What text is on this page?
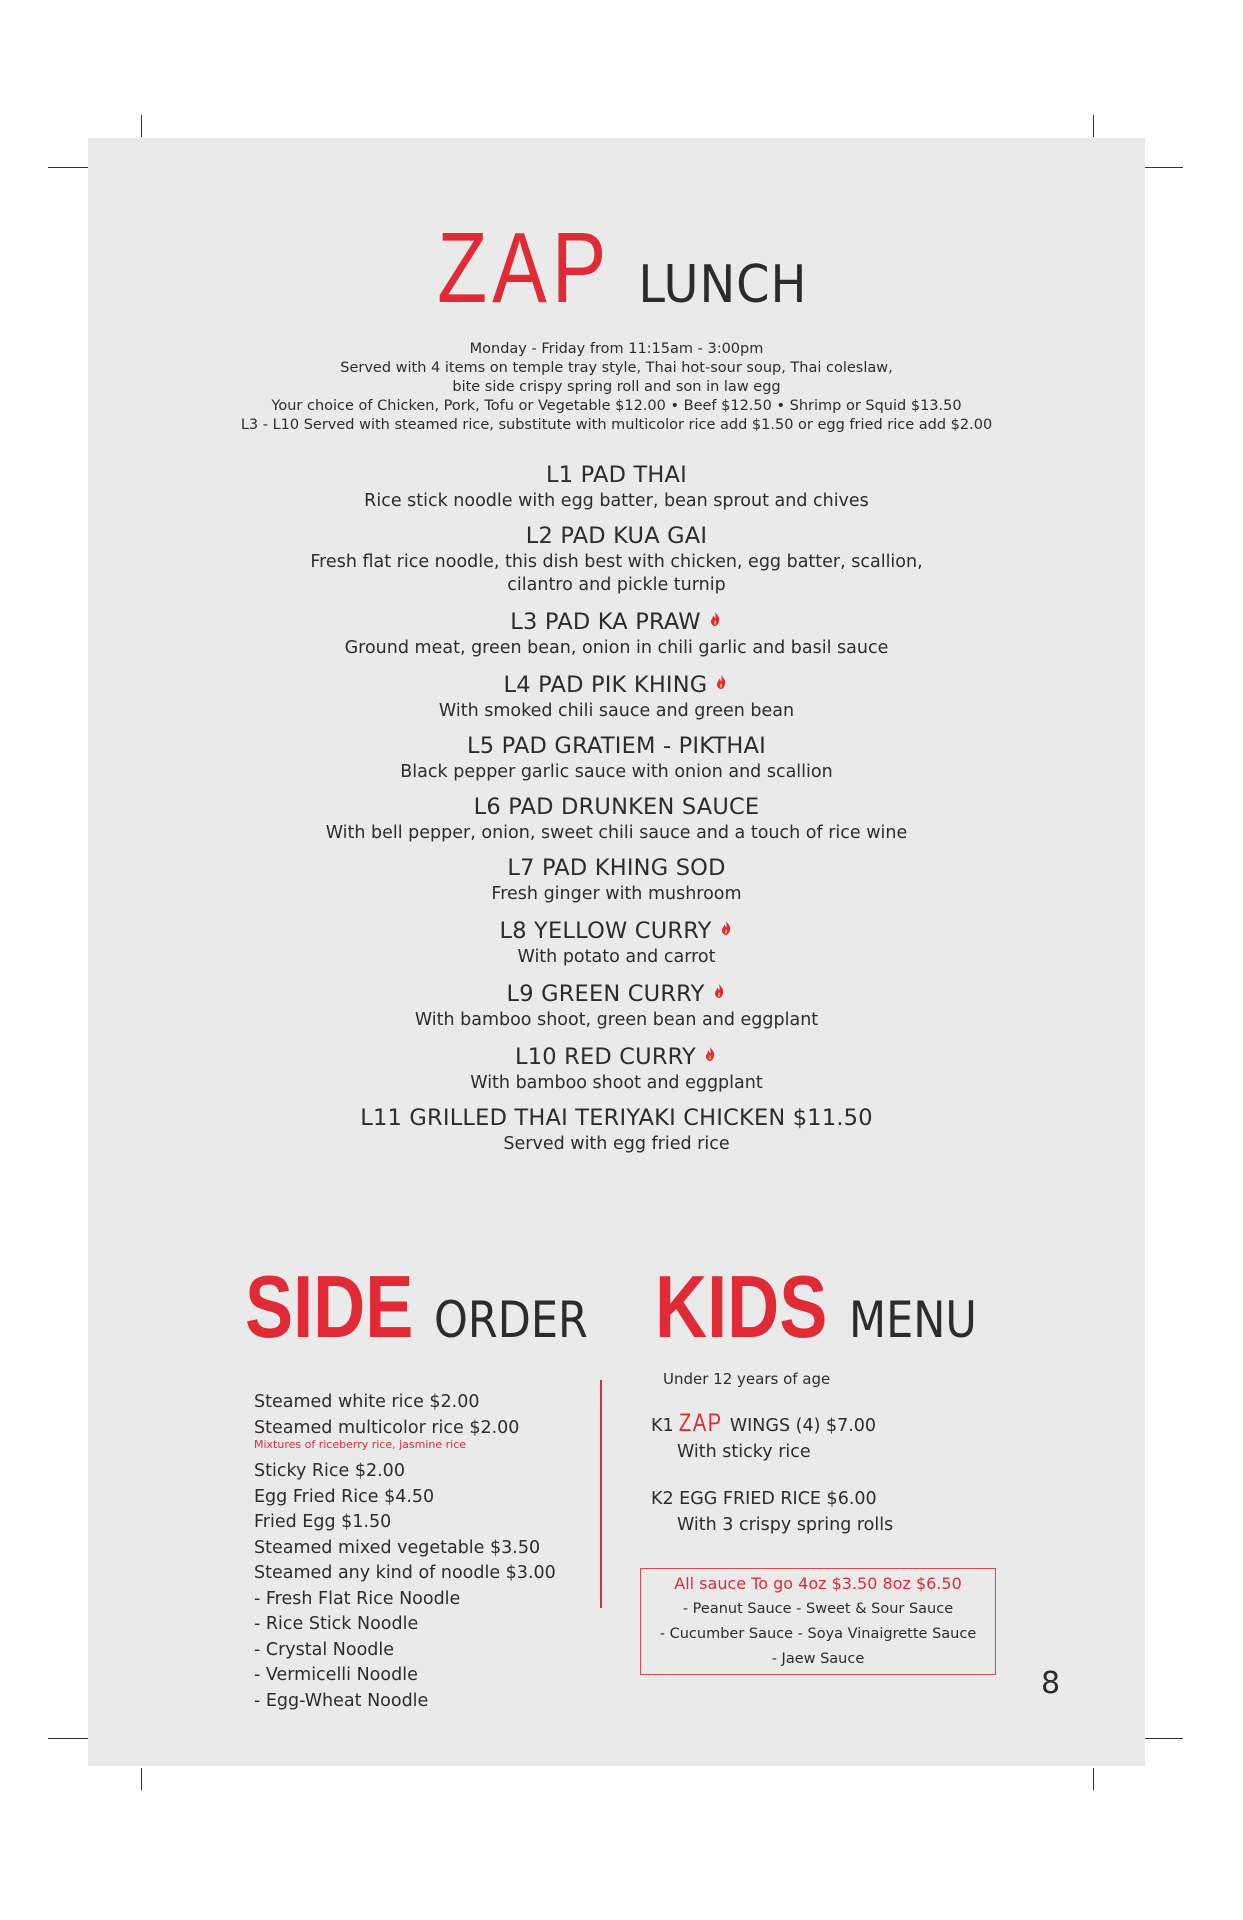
ZAP LUNCH
Monday - Friday from 11:15am - 3:00pm
Served with 4 items on temple tray style, Thai hot-sour soup, Thai coleslaw,
bite side crispy spring roll and son in law egg
Your choice of Chicken, Pork, Tofu or Vegetable $12.00 • Beef $12.50 • Shrimp or Squid $13.50
L3 - L10 Served with steamed rice, substitute with multicolor rice add $1.50 or egg fried rice add $2.00
L1 PAD THAI
Rice stick noodle with egg batter, bean sprout and chives
L2 PAD KUA GAI
Fresh flat rice noodle, this dish best with chicken, egg batter, scallion,
cilantro and pickle turnip
L3 PAD KA PRAW
Ground meat, green bean, onion in chili garlic and basil sauce
L4 PAD PIK KHING
With smoked chili sauce and green bean
L5 PAD GRATIEM - PIKTHAI
Black pepper garlic sauce with onion and scallion
L6 PAD DRUNKEN SAUCE
With bell pepper, onion, sweet chili sauce and a touch of rice wine
L7 PAD KHING SOD
Fresh ginger with mushroom
L8 YELLOW CURRY
With potato and carrot
L9 GREEN CURRY
With bamboo shoot, green bean and eggplant
L10 RED CURRY
With bamboo shoot and eggplant
L11 GRILLED THAI TERIYAKI CHICKEN $11.50
Served with egg fried rice
SIDE ORDER
Steamed white rice $2.00
Steamed multicolor rice $2.00
Mixtures of riceberry rice, jasmine rice
Sticky Rice $2.00
Egg Fried Rice $4.50
Fried Egg $1.50
Steamed mixed vegetable $3.50
Steamed any kind of noodle $3.00
- Fresh Flat Rice Noodle
- Rice Stick Noodle
- Crystal Noodle
- Vermicelli Noodle
- Egg-Wheat Noodle
KIDS MENU
Under 12 years of age
K1 ZAP WINGS (4) $7.00
With sticky rice
K2 EGG FRIED RICE $6.00
With 3 crispy spring rolls
All sauce To go 4oz $3.50 8oz $6.50
- Peanut Sauce - Sweet & Sour Sauce
- Cucumber Sauce - Soya Vinaigrette Sauce
- Jaew Sauce
8
